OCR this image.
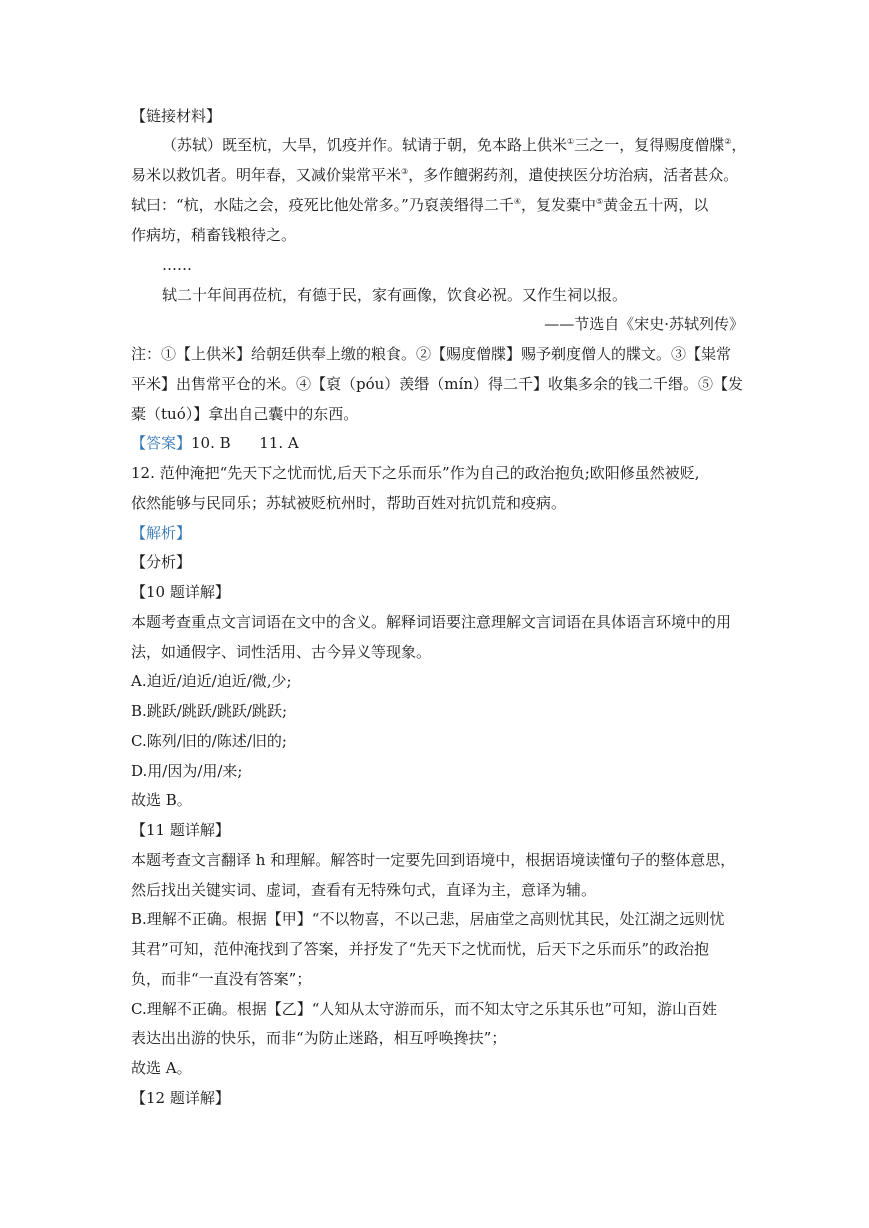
【链接材料】
（苏轼）既至杭，大旱，饥疫并作。轼请于朝，免本路上供米①三之一，复得赐度僧牒②，
易米以救饥者。明年春，又减价粜常平米③，多作饘粥药剂，遣使挟医分坊治病，活者甚众。
轼曰：“杭，水陆之会，疫死比他处常多。”乃裒羡缗得二千④，复发橐中⑤黄金五十两，以
作病坊，稍畜钱粮待之。
……
轼二十年间再莅杭，有德于民，家有画像，饮食必祝。又作生祠以报。
——节选自《宋史·苏轼列传》
注：①【上供米】给朝廷供奉上缴的粮食。②【赐度僧牒】赐予剃度僧人的牒文。③【粜常
平米】出售常平仓的米。④【裒（póu）羡缗（mín）得二千】收集多余的钱二千缗。⑤【发
橐（tuó）】拿出自己囊中的东西。
【答案】10. B      11. A
12. 范仲淹把“先天下之忧而忧,后天下之乐而乐”作为自己的政治抱负;欧阳修虽然被贬,
依然能够与民同乐；苏轼被贬杭州时，帮助百姓对抗饥荒和疫病。
【解析】
【分析】
【10 题详解】
本题考查重点文言词语在文中的含义。解释词语要注意理解文言词语在具体语言环境中的用
法，如通假字、词性活用、古今异义等现象。
A.迫近/迫近/迫近/微,少;
B.跳跃/跳跃/跳跃/跳跃;
C.陈列/旧的/陈述/旧的;
D.用/因为/用/来;
故选 B。
【11 题详解】
本题考查文言翻译 h 和理解。解答时一定要先回到语境中，根据语境读懂句子的整体意思，
然后找出关键实词、虚词，查看有无特殊句式，直译为主，意译为辅。
B.理解不正确。根据【甲】“不以物喜，不以己悲，居庙堂之高则忧其民，处江湖之远则忧
其君”可知，范仲淹找到了答案，并抒发了“先天下之忧而忧，后天下之乐而乐”的政治抱
负，而非“一直没有答案”；
C.理解不正确。根据【乙】“人知从太守游而乐，而不知太守之乐其乐也”可知，游山百姓
表达出出游的快乐，而非“为防止迷路，相互呼唤搀扶”；
故选 A。
【12 题详解】
